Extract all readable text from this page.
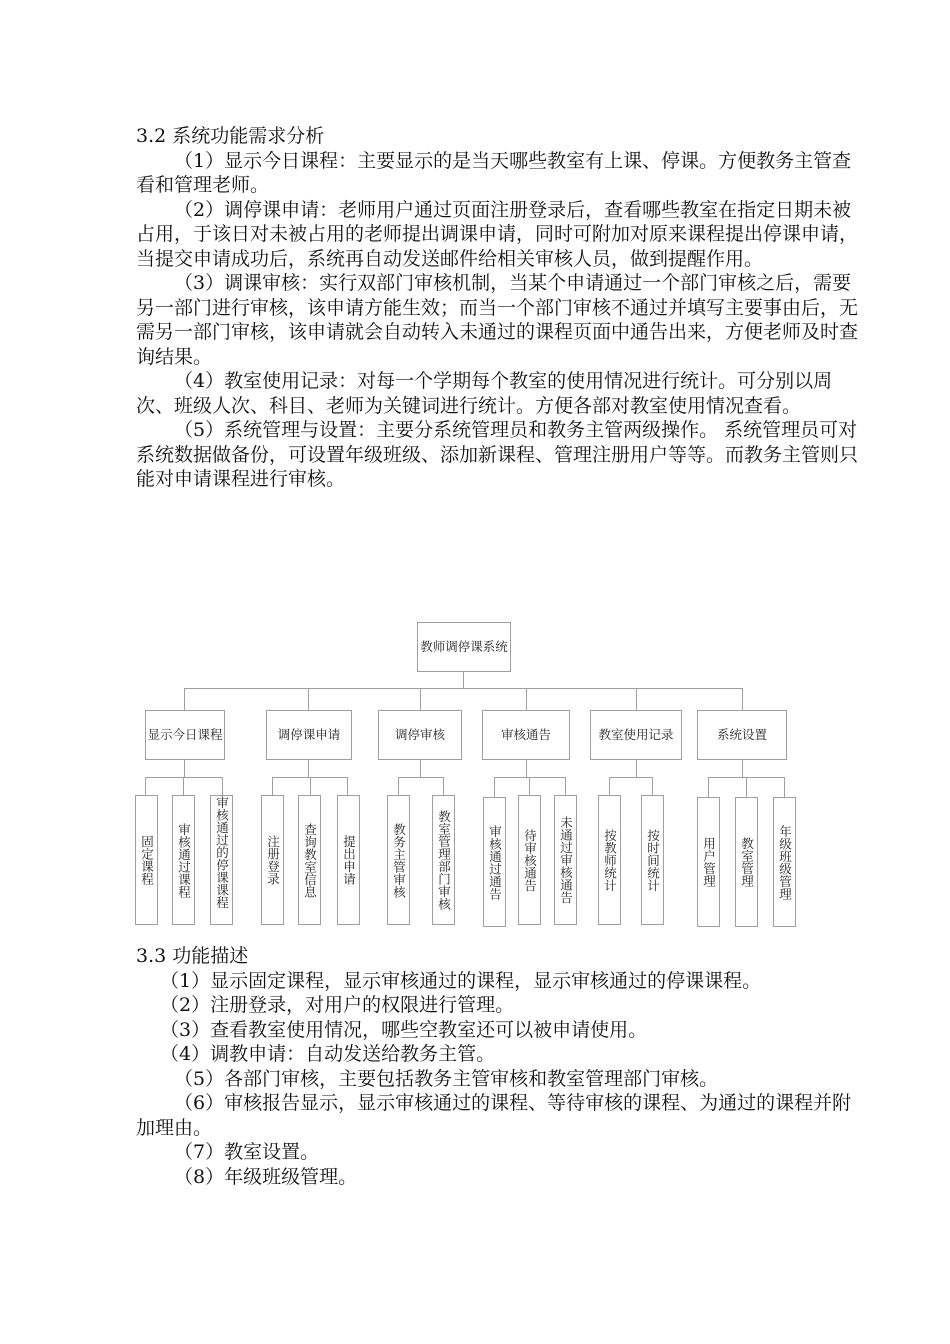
3.2 系统功能需求分析

（1）显示今日课程：主要显示的是当天哪些教室有上课、停课。方便教务主管查看和管理老师。

（2）调停课申请：老师用户通过页面注册登录后，查看哪些教室在指定日期未被占用，于该日对未被占用的老师提出调课申请，同时可附加对原来课程提出停课申请，当提交申请成功后，系统再自动发送邮件给相关审核人员，做到提醒作用。

（3）调课审核：实行双部门审核机制，当某个申请通过一个部门审核之后，需要另一部门进行审核，该申请方能生效；而当一个部门审核不通过并填写主要事由后，无需另一部门审核，该申请就会自动转入未通过的课程页面中通告出来，方便老师及时查询结果。

（4）教室使用记录：对每一个学期每个教室的使用情况进行统计。可分别以周次、班级人次、科目、老师为关键词进行统计。方便各部对教室使用情况查看。

（5）系统管理与设置：主要分系统管理员和教务主管两级操作。 系统管理员可对系统数据做备份，可设置年级班级、添加新课程、管理注册用户等等。而教务主管则只能对申请课程进行审核。

教师调停课系统
显示今日课程	调停课申请	调停审核	审核通告	教室使用记录	系统设置
固定课程 审核通过课程 审核通过的停课课程	注册登录 查询教室信息 提出申请	教务主管审核 教室管理部门审核	审核通过通告 待审核通告 未通过审核通告 按教师统计 按时间统计	用户管理 教室管理 年级班级管理

3.3 功能描述

（1）显示固定课程，显示审核通过的课程，显示审核通过的停课课程。

（2）注册登录，对用户的权限进行管理。

（3）查看教室使用情况，哪些空教室还可以被申请使用。

（4）调教申请：自动发送给教务主管。

（5）各部门审核，主要包括教务主管审核和教室管理部门审核。

（6）审核报告显示，显示审核通过的课程、等待审核的课程、为通过的课程并附加理由。

（7）教室设置。

（8）年级班级管理。
